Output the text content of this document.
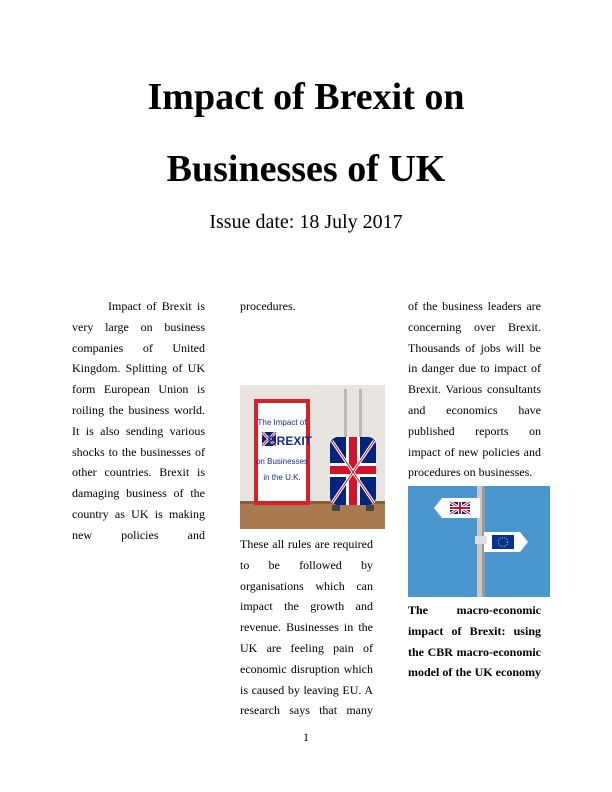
Impact of Brexit on
Businesses of UK
Issue date: 18 July 2017

Impact of Brexit is very large on business companies of United Kingdom. Splitting of UK form European Union is roiling the business world. It is also sending various shocks to the businesses of other countries. Brexit is damaging business of the country as UK is making new policies and

procedures.

The Impact of
BREXIT
on Businesses
in the U.K.

These all rules are required to be followed by organisations which can impact the growth and revenue. Businesses in the UK are feeling pain of economic disruption which is caused by leaving EU. A research says that many

of the business leaders are concerning over Brexit. Thousands of jobs will be in danger due to impact of Brexit. Various consultants and economics have published reports on impact of new policies and procedures on businesses.

The macro-economic impact of Brexit: using the CBR macro-economic model of the UK economy

1
